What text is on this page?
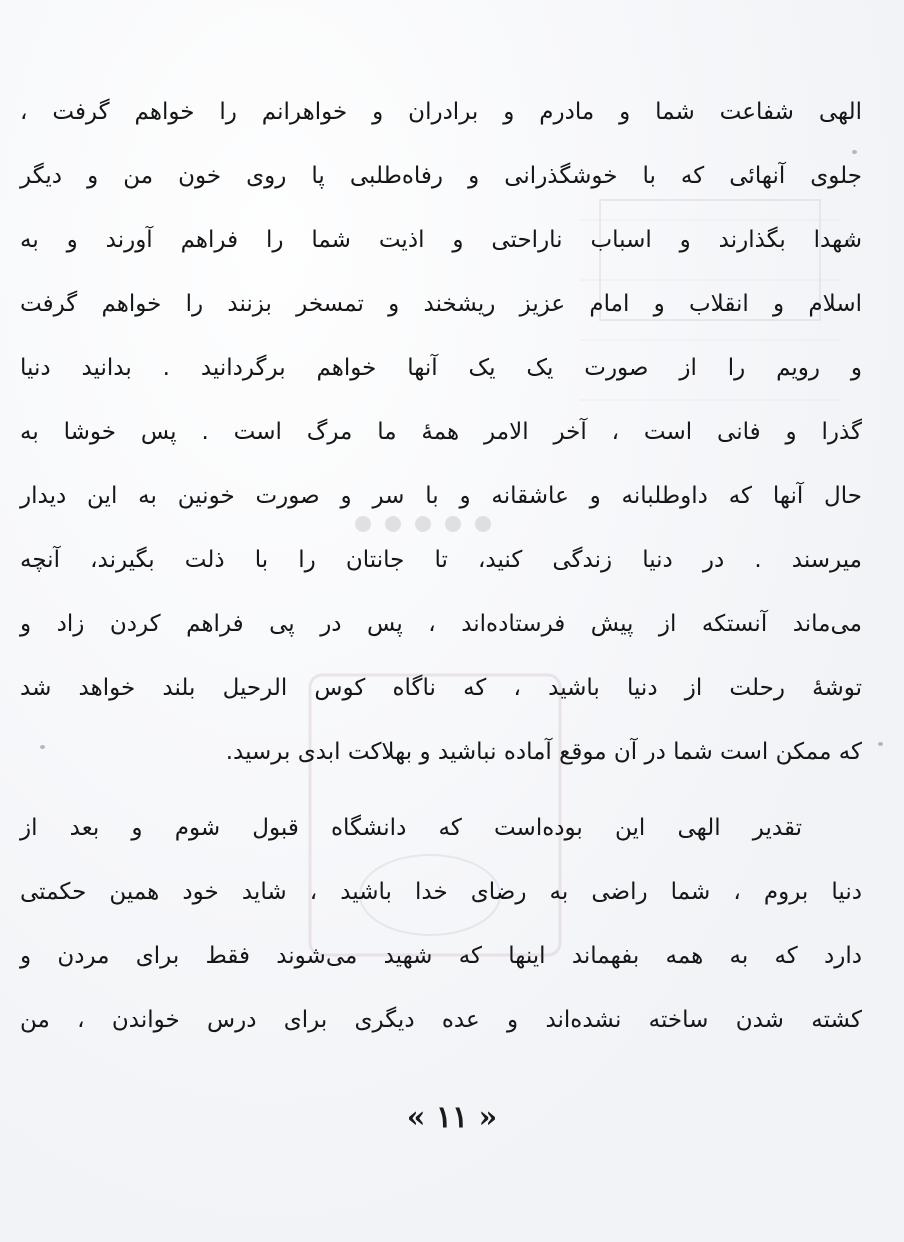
الهی شفاعت شما و مادرم و برادران و خواهرانم را خواهم گرفت ،
جلوی آنهائی که با خوشگذرانی و رفاه‌طلبی پا روی خون من و دیگر
شهدا بگذارند و اسباب ناراحتی و اذیت شما را فراهم آورند و به
اسلام و انقلاب و امام عزیز ریشخند و تمسخر بزنند را خواهم گرفت
و رویم را از صورت یک یک آنها خواهم برگردانید . بدانید دنیا
گذرا و فانی است ، آخر الامر همهٔ ما مرگ است . پس خوشا به
حال آنها که داوطلبانه و عاشقانه و با سر و صورت خونین به این دیدار
میرسند . در دنیا زندگی کنید، تا جانتان را با ذلت بگیرند، آنچه
می‌ماند آنستکه از پیش فرستاده‌اند ، پس در پی فراهم کردن زاد و
توشهٔ رحلت از دنیا باشید ، که ناگاه کوس الرحیل بلند خواهد شد
که ممکن است شما در آن موقع آماده نباشید و بهلاکت ابدی برسید.
تقدیر الهی این بوده‌است که دانشگاه قبول شوم و بعد از
دنیا بروم ، شما راضی به رضای خدا باشید ، شاید خود همین حکمتی
دارد که به همه بفهماند اینها که شهید می‌شوند فقط برای مردن و
کشته شدن ساخته نشده‌اند و عده دیگری برای درس خواندن ، من
« ۱۱ »
